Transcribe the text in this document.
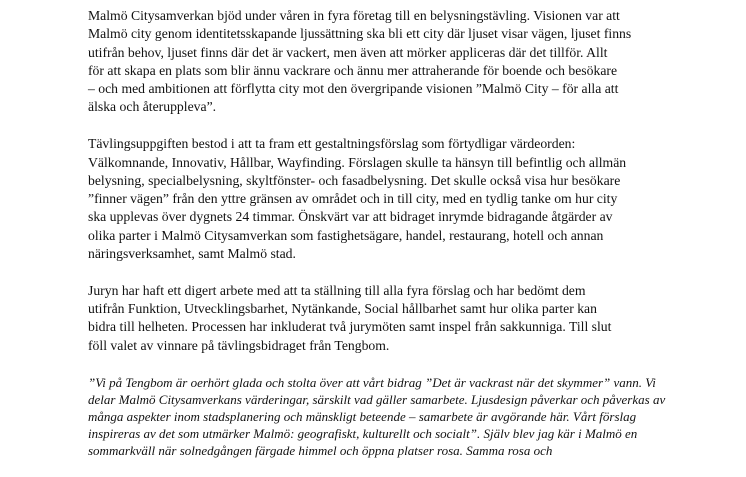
Malmö Citysamverkan bjöd under våren in fyra företag till en belysningstävling. Visionen var att
Malmö city genom identitetsskapande ljussättning ska bli ett city där ljuset visar vägen, ljuset finns
utifrån behov, ljuset finns där det är vackert, men även att mörker appliceras där det tillför. Allt
för att skapa en plats som blir ännu vackrare och ännu mer attraherande för boende och besökare
– och med ambitionen att förflytta city mot den övergripande visionen ”Malmö City – för alla att
älska och återuppleva”.

Tävlingsuppgiften bestod i att ta fram ett gestaltningsförslag som förtydligar värdeorden:
Välkomnande, Innovativ, Hållbar, Wayfinding. Förslagen skulle ta hänsyn till befintlig och allmän
belysning, specialbelysning, skyltfönster- och fasadbelysning. Det skulle också visa hur besökare
”finner vägen” från den yttre gränsen av området och in till city, med en tydlig tanke om hur city
ska upplevas över dygnets 24 timmar. Önskvärt var att bidraget inrymde bidragande åtgärder av
olika parter i Malmö Citysamverkan som fastighetsägare, handel, restaurang, hotell och annan
näringsverksamhet, samt Malmö stad.

Juryn har haft ett digert arbete med att ta ställning till alla fyra förslag och har bedömt dem
utifrån Funktion, Utvecklingsbarhet, Nytänkande, Social hållbarhet samt hur olika parter kan
bidra till helheten. Processen har inkluderat två jurymöten samt inspel från sakkunniga. Till slut
föll valet av vinnare på tävlingsbidraget från Tengbom.

”Vi på Tengbom är oerhört glada och stolta över att vårt bidrag ”Det är vackrast när det skymmer” vann. Vi
delar Malmö Citysamverkans värderingar, särskilt vad gäller samarbete. Ljusdesign påverkar och påverkas av
många aspekter inom stadsplanering och mänskligt beteende – samarbete är avgörande här. Vårt förslag
inspireras av det som utmärker Malmö: geografiskt, kulturellt och socialt”. Själv blev jag kär i Malmö en
sommarkväll när solnedgången färgade himmel och öppna platser rosa. Samma rosa och
